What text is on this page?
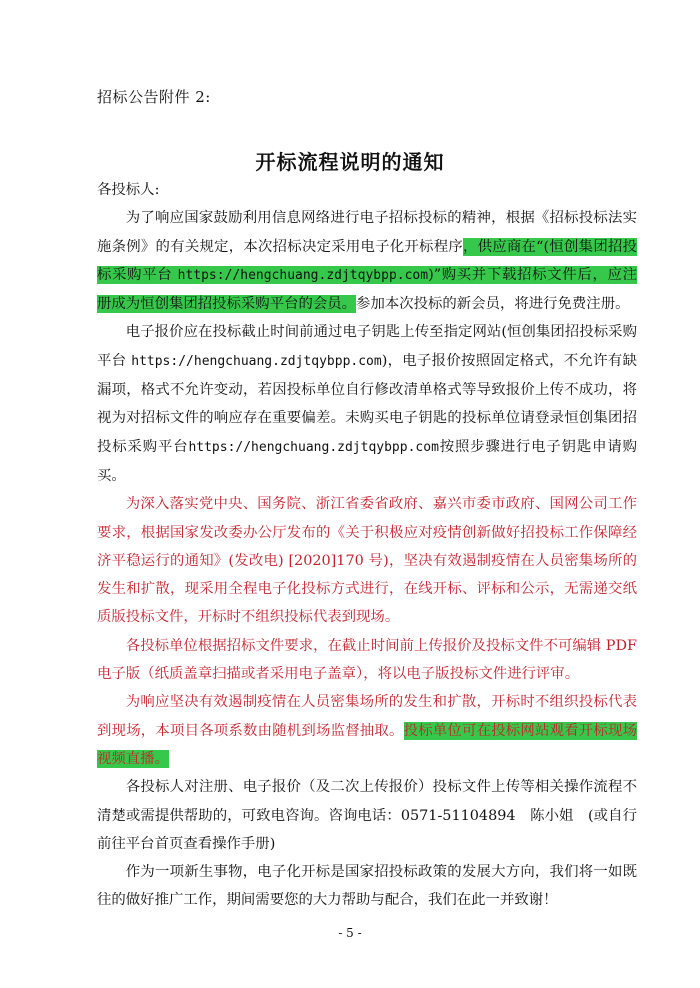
招标公告附件 2:
开标流程说明的通知

各投标人:

为了响应国家鼓励利用信息网络进行电子招标投标的精神，根据《招标投标法实施条例》的有关规定，本次招标决定采用电子化开标程序，供应商在“(恒创集团招投标采购平台 https://hengchuang.zdjtqybpp.com)”购买并下载招标文件后，应注册成为恒创集团招投标采购平台的会员。参加本次投标的新会员，将进行免费注册。

电子报价应在投标截止时间前通过电子钥匙上传至指定网站(恒创集团招投标采购平台 https://hengchuang.zdjtqybpp.com)，电子报价按照固定格式，不允许有缺漏项，格式不允许变动，若因投标单位自行修改清单格式等导致报价上传不成功，将视为对招标文件的响应存在重要偏差。未购买电子钥匙的投标单位请登录恒创集团招投标采购平台https://hengchuang.zdjtqybpp.com按照步骤进行电子钥匙申请购买。

为深入落实党中央、国务院、浙江省委省政府、嘉兴市委市政府、国网公司工作要求，根据国家发改委办公厅发布的《关于积极应对疫情创新做好招投标工作保障经济平稳运行的通知》(发改电) [2020]170 号)，坚决有效遏制疫情在人员密集场所的发生和扩散，现采用全程电子化投标方式进行，在线开标、评标和公示，无需递交纸质版投标文件，开标时不组织投标代表到现场。

各投标单位根据招标文件要求，在截止时间前上传报价及投标文件不可编辑 PDF 电子版（纸质盖章扫描或者采用电子盖章），将以电子版投标文件进行评审。

为响应坚决有效遏制疫情在人员密集场所的发生和扩散，开标时不组织投标代表到现场，本项目各项系数由随机到场监督抽取。投标单位可在投标网站观看开标现场视频直播。

各投标人对注册、电子报价（及二次上传报价）投标文件上传等相关操作流程不清楚或需提供帮助的，可致电咨询。咨询电话：0571-51104894　陈小姐　(或自行前往平台首页查看操作手册)

作为一项新生事物，电子化开标是国家招投标政策的发展大方向，我们将一如既往的做好推广工作，期间需要您的大力帮助与配合，我们在此一并致谢！

- 5 -
